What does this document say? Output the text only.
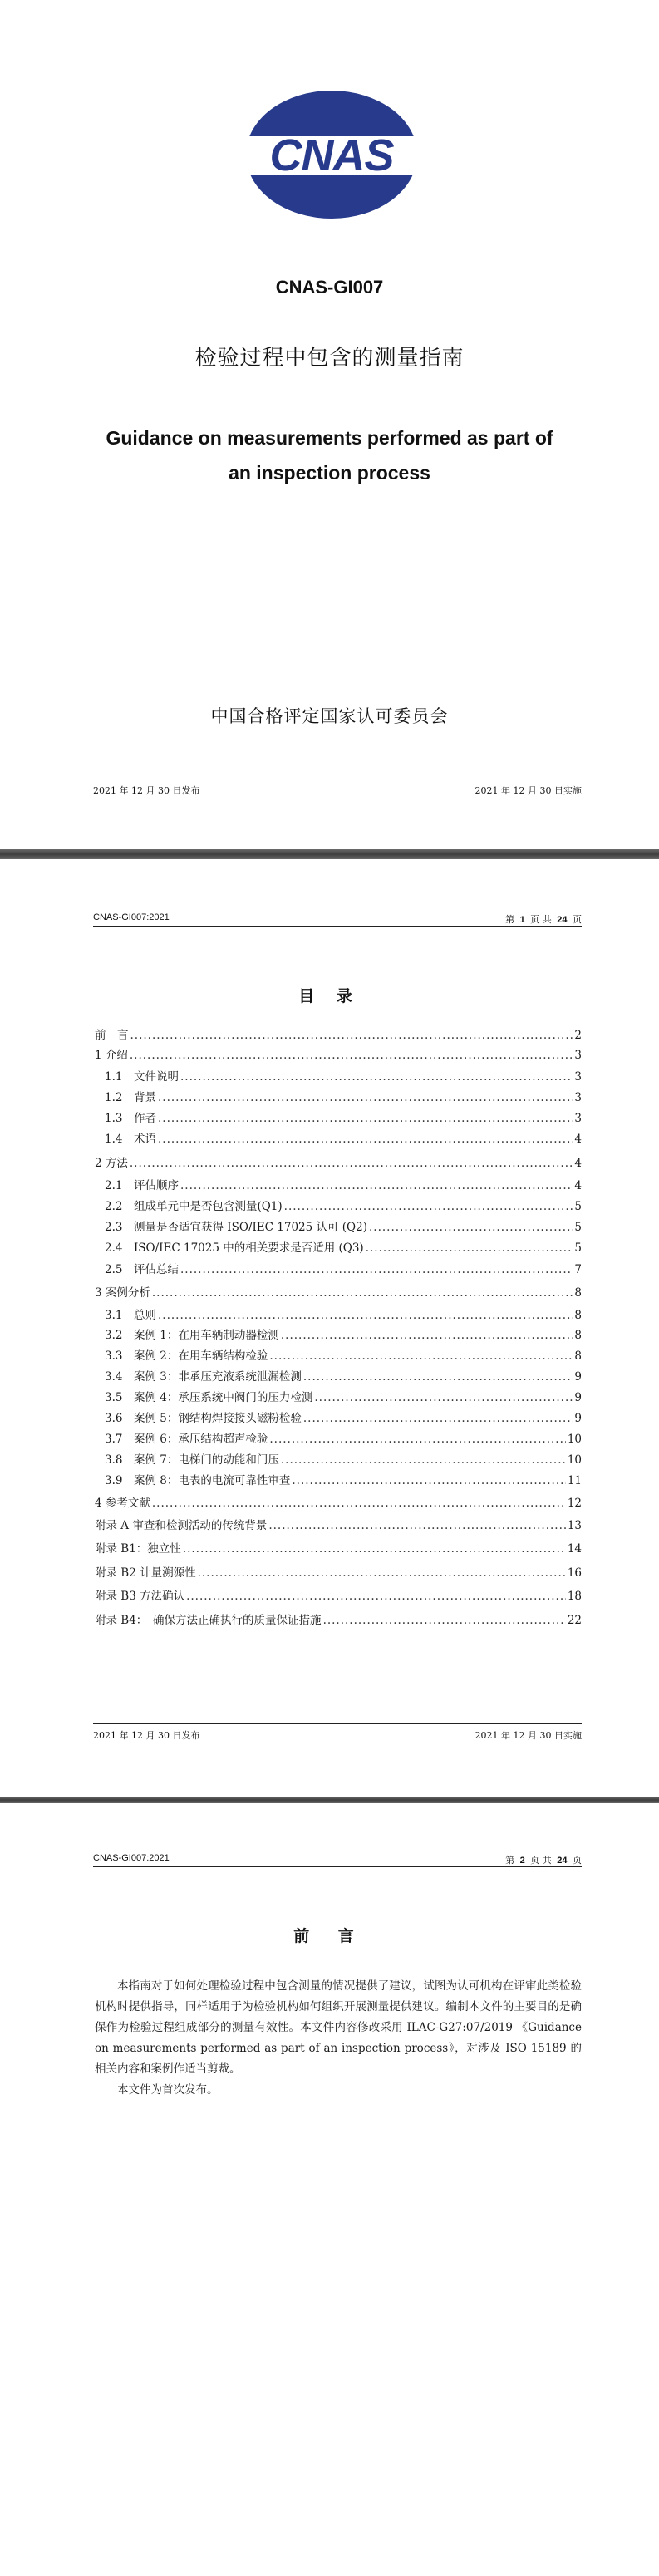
CNAS
CNAS-GI007
检验过程中包含的测量指南
Guidance on measurements performed as part of
an inspection process
中国合格评定国家认可委员会
2021 年 12 月 30 日发布	2021 年 12 月 30 日实施
CNAS-GI007:2021	第 1 页 共 24 页
目 录
前　言 .....	2
1 介绍 .....	3
1.1　文件说明 .....	3
1.2　背景 .....	3
1.3　作者 .....	3
1.4　术语 .....	4
2 方法 .....	4
2.1　评估顺序 .....	4
2.2　组成单元中是否包含测量(Q1) .....	5
2.3　测量是否适宜获得 ISO/IEC 17025 认可 (Q2) .....	5
2.4　ISO/IEC 17025 中的相关要求是否适用 (Q3) .....	5
2.5　评估总结 .....	7
3 案例分析 .....	8
3.1　总则 .....	8
3.2　案例 1：在用车辆制动器检测 .....	8
3.3　案例 2：在用车辆结构检验 .....	8
3.4　案例 3：非承压充液系统泄漏检测 .....	9
3.5　案例 4：承压系统中阀门的压力检测 .....	9
3.6　案例 5：钢结构焊接接头磁粉检验 .....	9
3.7　案例 6：承压结构超声检验 .....	10
3.8　案例 7：电梯门的动能和门压 .....	10
3.9　案例 8：电表的电流可靠性审查 .....	11
4 参考文献 .....	12
附录 A 审查和检测活动的传统背景 .....	13
附录 B1：独立性 .....	14
附录 B2 计量溯源性 .....	16
附录 B3 方法确认 .....	18
附录 B4：　确保方法正确执行的质量保证措施 .....	22
2021 年 12 月 30 日发布	2021 年 12 月 30 日实施
CNAS-GI007:2021	第 2 页 共 24 页
前 言

本指南对于如何处理检验过程中包含测量的情况提供了建议，试图为认可机构在评审此类检验机构时提供指导，同样适用于为检验机构如何组织开展测量提供建议。编制本文件的主要目的是确保作为检验过程组成部分的测量有效性。本文件内容修改采用 ILAC-G27:07/2019 《Guidance on measurements performed as part of an inspection process》，对涉及 ISO 15189 的相关内容和案例作适当剪裁。

本文件为首次发布。
